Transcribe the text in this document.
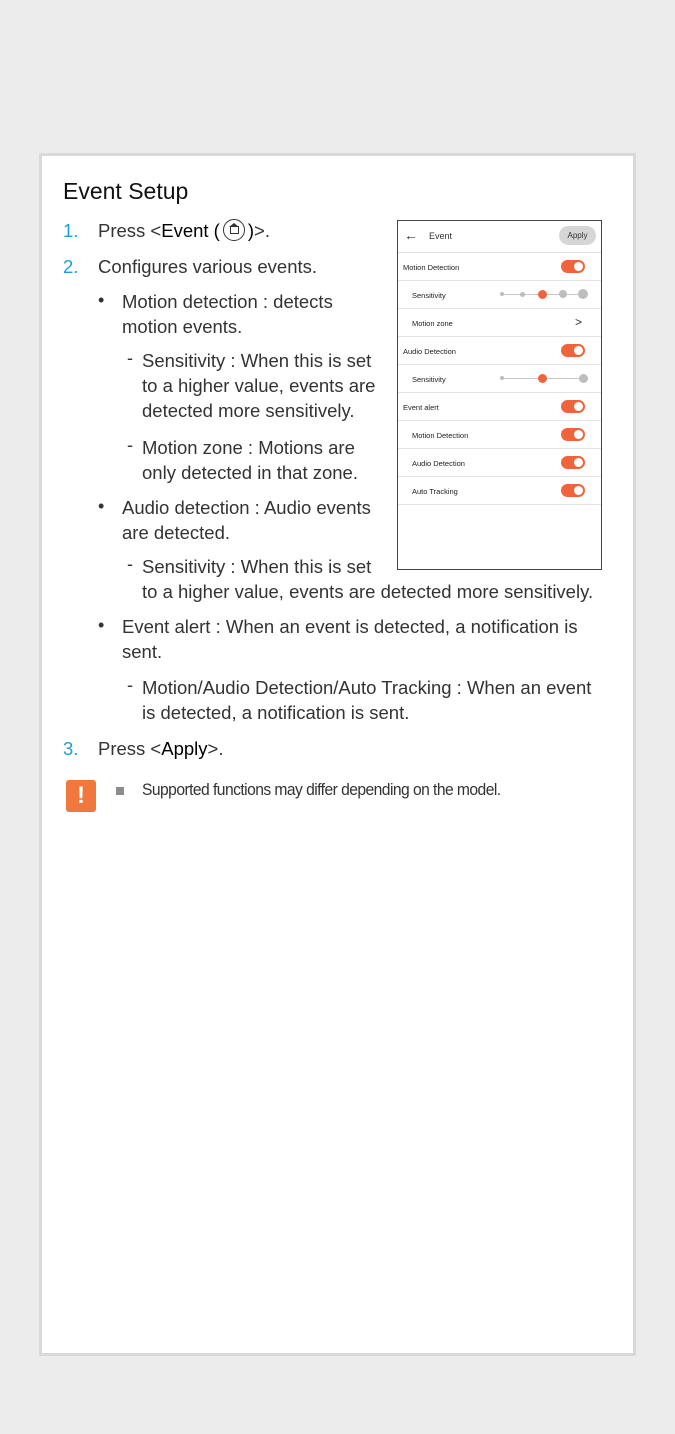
Event Setup
1. Press <Event ( )>.
2. Configures various events.
• Motion detection : detects
motion events.
- Sensitivity : When this is set
to a higher value, events are
detected more sensitively.
- Motion zone : Motions are
only detected in that zone.
• Audio detection : Audio events
are detected.
- Sensitivity : When this is set
to a higher value, events are detected more sensitively.
• Event alert : When an event is detected, a notification is
sent.
- Motion/Audio Detection/Auto Tracking : When an event
is detected, a notification is sent.
3. Press <Apply>.
!	Supported functions may differ depending on the model.
← Event	Apply
Motion Detection
Sensitivity
Motion zone	>
Audio Detection
Sensitivity
Event alert
Motion Detection
Audio Detection
Auto Tracking
